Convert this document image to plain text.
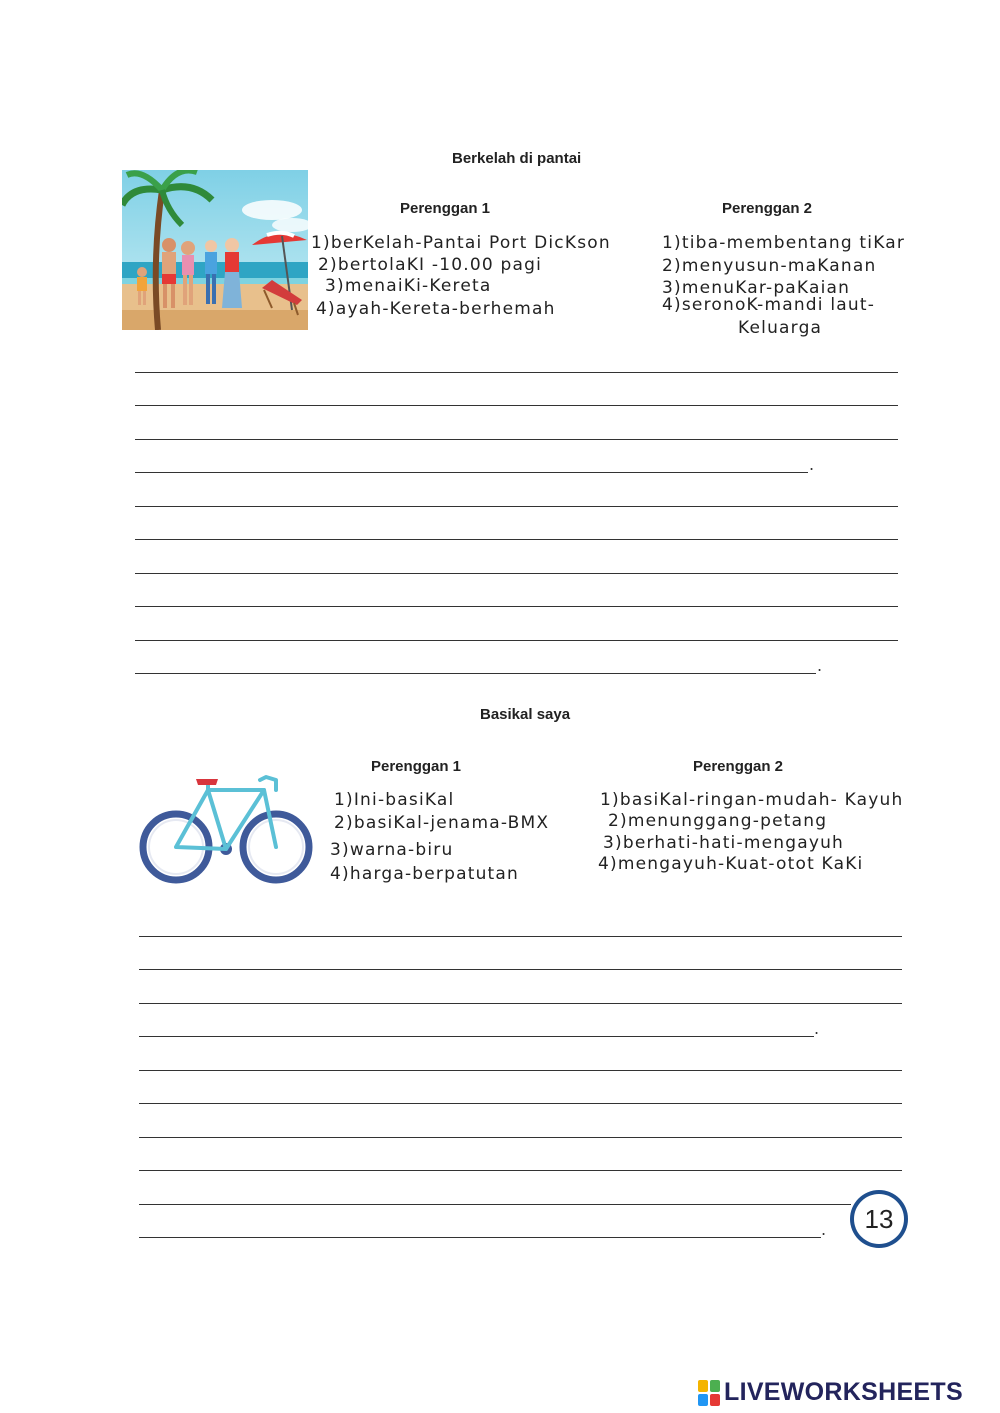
Berkelah di pantai
Perenggan 1	Perenggan 2
1)berKelah-Pantai Port DicKson
2)bertolaKI -10.00 pagi
3)menaiKi-Kereta
4)ayah-Kereta-berhemah
1)tiba-membentang tiKar
2)menyusun-maKanan
3)menuKar-paKaian
4)seronoK-mandi laut-
Keluarga
.
.
Basikal saya
Perenggan 1	Perenggan 2
1)Ini-basiKal
2)basiKal-jenama-BMX
3)warna-biru
4)harga-berpatutan
1)basiKal-ringan-mudah- Kayuh
2)menunggang-petang
3)berhati-hati-mengayuh
4)mengayuh-Kuat-otot KaKi
.
.	13
LIVEWORKSHEETS
